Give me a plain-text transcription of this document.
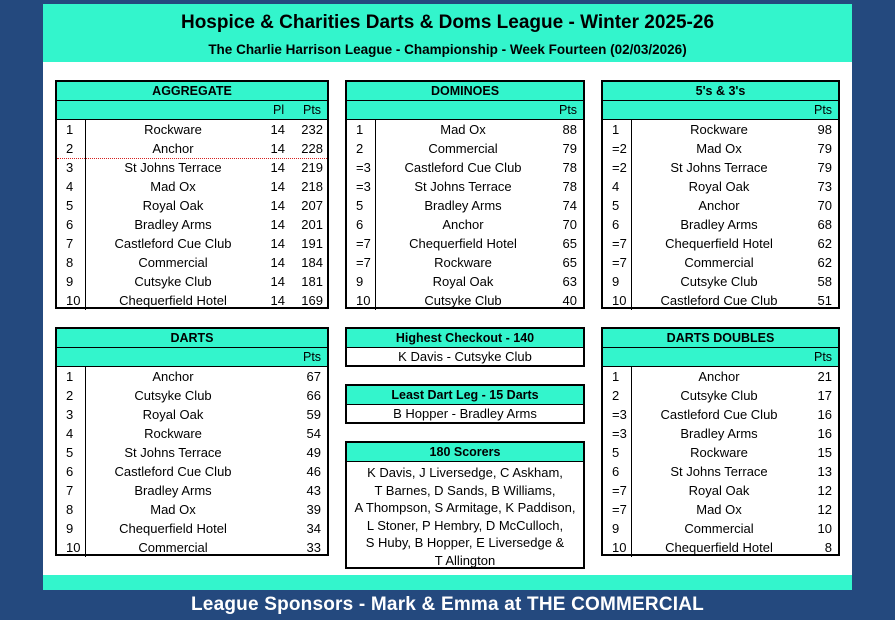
Hospice & Charities Darts & Doms League - Winter 2025-26
The Charlie Harrison League - Championship - Week Fourteen (02/03/2026)
AGGREGATE
Pl Pts
1	Rockware	14	232
2	Anchor	14	228
3	St Johns Terrace	14	219
4	Mad Ox	14	218
5	Royal Oak	14	207
6	Bradley Arms	14	201
7	Castleford Cue Club	14	191
8	Commercial	14	184
9	Cutsyke Club	14	181
10	Chequerfield Hotel	14	169
DOMINOES
Pts
1	Mad Ox	88
2	Commercial	79
=3	Castleford Cue Club	78
=3	St Johns Terrace	78
5	Bradley Arms	74
6	Anchor	70
=7	Chequerfield Hotel	65
=7	Rockware	65
9	Royal Oak	63
10	Cutsyke Club	40
5's & 3's
Pts
1	Rockware	98
=2	Mad Ox	79
=2	St Johns Terrace	79
4	Royal Oak	73
5	Anchor	70
6	Bradley Arms	68
=7	Chequerfield Hotel	62
=7	Commercial	62
9	Cutsyke Club	58
10	Castleford Cue Club	51
DARTS
Pts
1	Anchor	67
2	Cutsyke Club	66
3	Royal Oak	59
4	Rockware	54
5	St Johns Terrace	49
6	Castleford Cue Club	46
7	Bradley Arms	43
8	Mad Ox	39
9	Chequerfield Hotel	34
10	Commercial	33
DARTS DOUBLES
Pts
1	Anchor	21
2	Cutsyke Club	17
=3	Castleford Cue Club	16
=3	Bradley Arms	16
5	Rockware	15
6	St Johns Terrace	13
=7	Royal Oak	12
=7	Mad Ox	12
9	Commercial	10
10	Chequerfield Hotel	8
Highest Checkout - 140
K Davis - Cutsyke Club
Least Dart Leg - 15 Darts
B Hopper - Bradley Arms
180 Scorers
K Davis, J Liversedge, C Askham,
T Barnes, D Sands, B Williams,
A Thompson, S Armitage, K Paddison,
L Stoner, P Hembry, D McCulloch,
S Huby, B Hopper, E Liversedge &
T Allington
League Sponsors - Mark & Emma at THE COMMERCIAL
